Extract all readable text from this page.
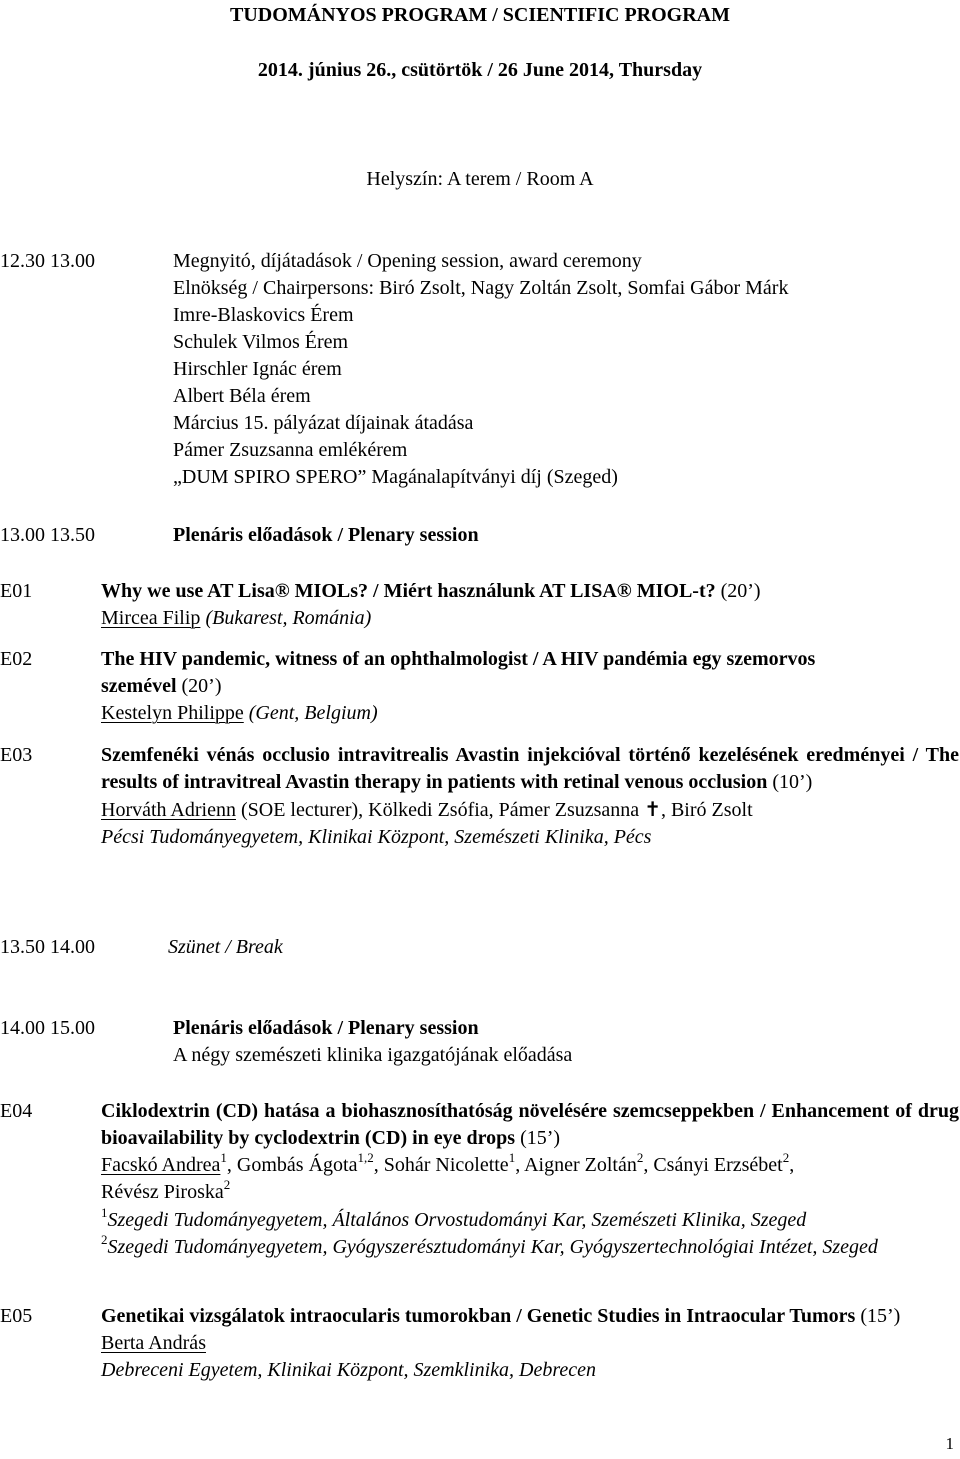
TUDOMÁNYOS PROGRAM / SCIENTIFIC PROGRAM
2014. június 26., csütörtök / 26 June 2014, Thursday
Helyszín: A terem / Room A
12.30 13.00	Megnyitó, díjátadások / Opening session, award ceremony
Elnökség / Chairpersons: Biró Zsolt, Nagy Zoltán Zsolt, Somfai Gábor Márk
Imre-Blaskovics Érem
Schulek Vilmos Érem
Hirschler Ignác érem
Albert Béla érem
Március 15. pályázat díjainak átadása
Pámer Zsuzsanna emlékérem
„DUM SPIRO SPERO” Magánalapítványi díj (Szeged)
13.00 13.50	Plenáris előadások / Plenary session
E01	Why we use AT Lisa® MIOLs? / Miért használunk AT LISA® MIOL-t? (20’)
Mircea Filip (Bukarest, Románia)
E02	The HIV pandemic, witness of an ophthalmologist / A HIV pandémia egy szemorvos
szemével (20’)
Kestelyn Philippe (Gent, Belgium)
E03	Szemfenéki vénás occlusio intravitrealis Avastin injekcióval történő kezelésének eredményei / The results of intravitreal Avastin therapy in patients with retinal venous occlusion (10’)
Horváth Adrienn (SOE lecturer), Kölkedi Zsófia, Pámer Zsuzsanna ✝, Biró Zsolt
Pécsi Tudományegyetem, Klinikai Központ, Szemészeti Klinika, Pécs
13.50 14.00	Szünet / Break
14.00 15.00	Plenáris előadások / Plenary session
A négy szemészeti klinika igazgatójának előadása
E04	Ciklodextrin (CD) hatása a biohasznosíthatóság növelésére szemcseppekben / Enhancement of drug bioavailability by cyclodextrin (CD) in eye drops (15’)
Facskó Andrea$^1$, Gombás Ágota$^{1,2}$, Sohár Nicolette$^1$, Aigner Zoltán$^2$, Csányi Erzsébet$^2$,
Révész Piroska$^2$
$^1$Szegedi Tudományegyetem, Általános Orvostudományi Kar, Szemészeti Klinika, Szeged
$^2$Szegedi Tudományegyetem, Gyógyszerésztudományi Kar, Gyógyszertechnológiai Intézet, Szeged
E05	Genetikai vizsgálatok intraocularis tumorokban / Genetic Studies in Intraocular Tumors (15’)
Berta András
Debreceni Egyetem, Klinikai Központ, Szemklinika, Debrecen
1
